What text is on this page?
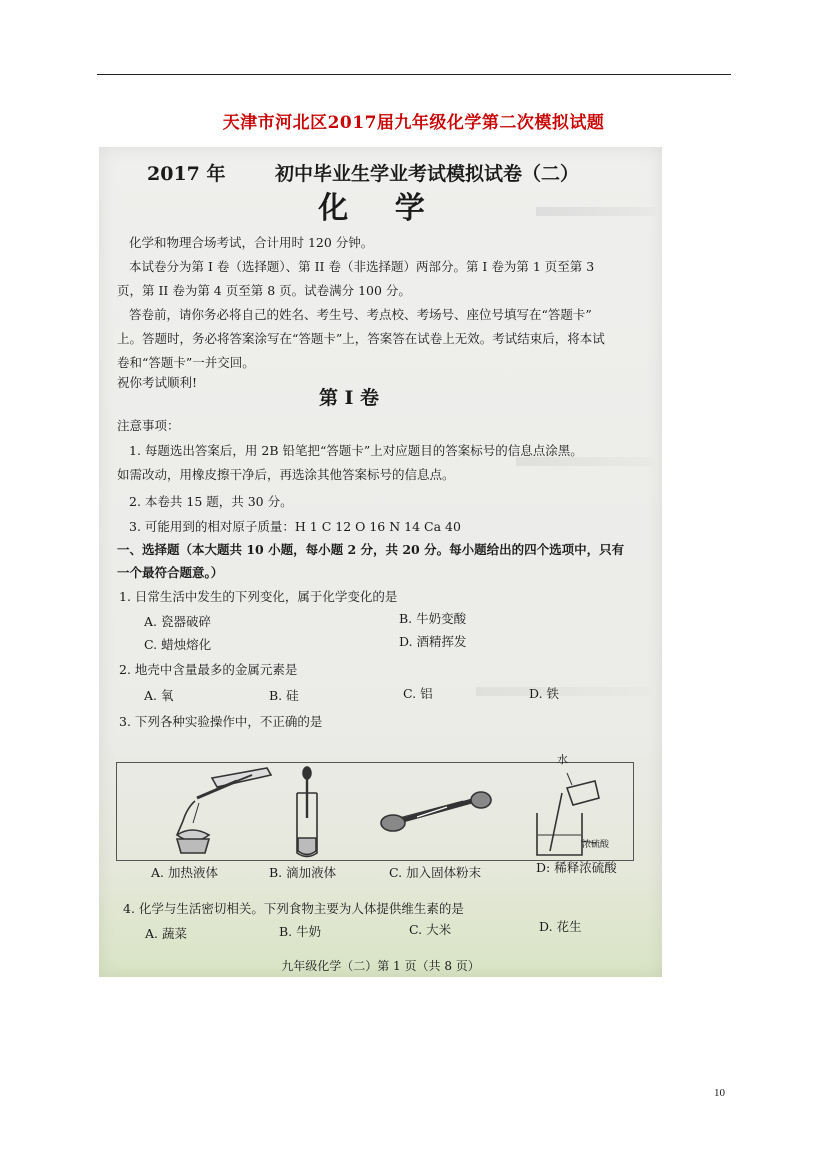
天津市河北区2017届九年级化学第二次模拟试题
2017 年	初中毕业生学业考试模拟试卷（二）
化 学
化学和物理合场考试，合计用时 120 分钟。
本试卷分为第 I 卷（选择题）、第 II 卷（非选择题）两部分。第 I 卷为第 1 页至第 3
页，第 II 卷为第 4 页至第 8 页。试卷满分 100 分。
答卷前，请你务必将自己的姓名、考生号、考点校、考场号、座位号填写在“答题卡”
上。答题时，务必将答案涂写在“答题卡”上，答案答在试卷上无效。考试结束后，将本试
卷和“答题卡”一并交回。
祝你考试顺利!
第 I 卷
注意事项：
1. 每题选出答案后，用 2B 铅笔把“答题卡”上对应题目的答案标号的信息点涂黑。
如需改动，用橡皮擦干净后，再选涂其他答案标号的信息点。
2. 本卷共 15 题，共 30 分。
3. 可能用到的相对原子质量：H 1 C 12 O 16 N 14 Ca 40
一、选择题（本大题共 10 小题，每小题 2 分，共 20 分。每小题给出的四个选项中，只有
一个最符合题意。）
1. 日常生活中发生的下列变化，属于化学变化的是
A. 瓷器破碎	B. 牛奶变酸
C. 蜡烛熔化	D. 酒精挥发
2. 地壳中含量最多的金属元素是
A. 氧	B. 硅	C. 铝	D. 铁
3. 下列各种实验操作中，不正确的是
水
浓硫酸
A. 加热液体	B. 滴加液体	C. 加入固体粉末	D: 稀释浓硫酸
4. 化学与生活密切相关。下列食物主要为人体提供维生素的是
A. 蔬菜	B. 牛奶	C. 大米	D. 花生
九年级化学（二）第 1 页（共 8 页）
10
